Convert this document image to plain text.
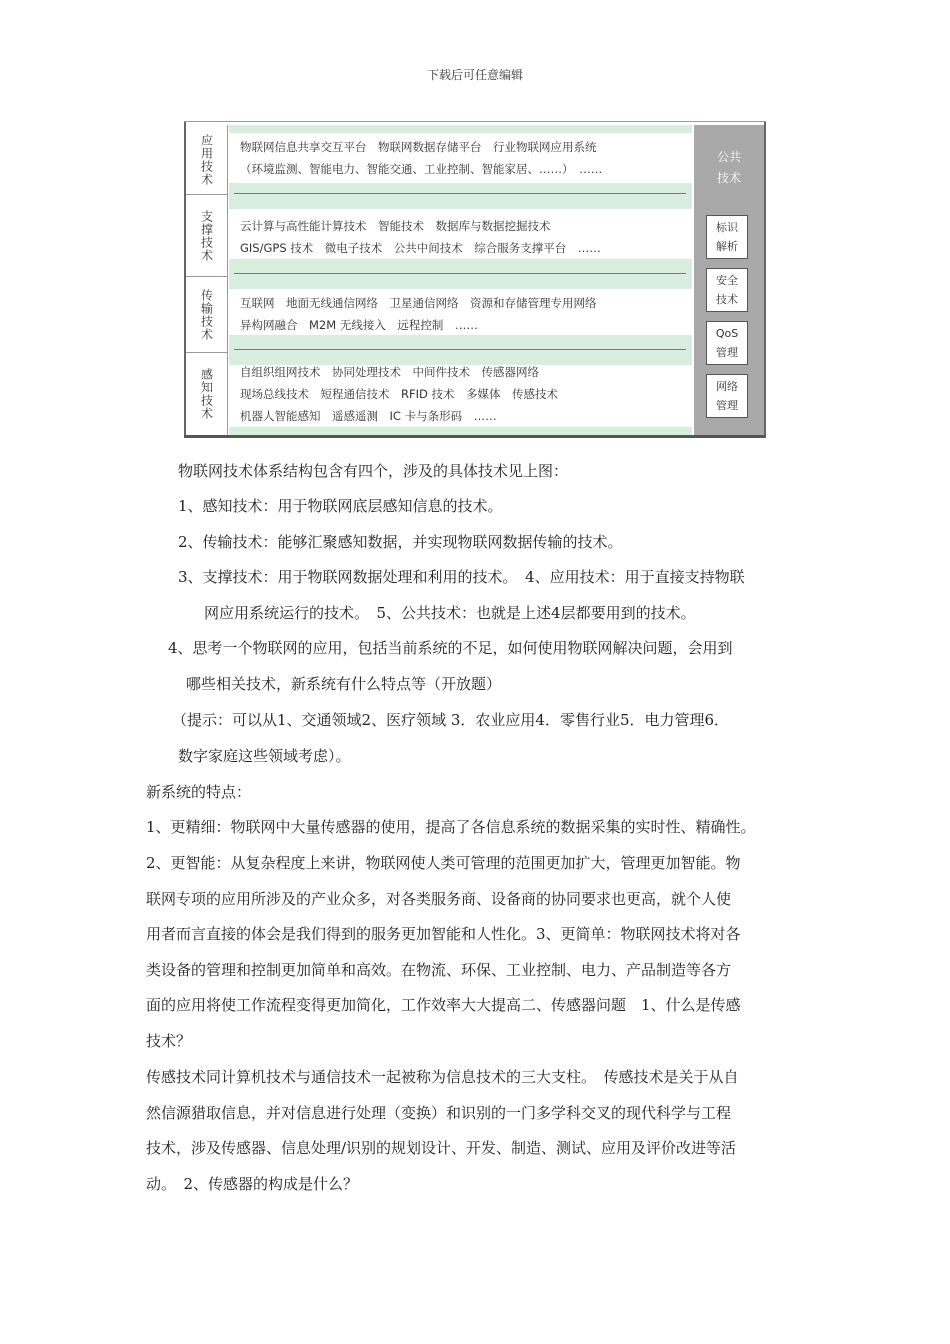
下载后可任意编辑
应用技术
支撑技术
传输技术
感知技术
物联网信息共享交互平台　物联网数据存储平台　行业物联网应用系统
（环境监测、智能电力、智能交通、工业控制、智能家居、……）　……
云计算与高性能计算技术　智能技术　数据库与数据挖掘技术
GIS/GPS 技术　微电子技术　公共中间技术　综合服务支撑平台　……
互联网　地面无线通信网络　卫星通信网络　资源和存储管理专用网络
异构网融合　M2M 无线接入　远程控制　……
自组织组网技术　协同处理技术　中间件技术　传感器网络
现场总线技术　短程通信技术　RFID 技术　多媒体　传感技术
机器人智能感知　遥感遥测　IC 卡与条形码　……
公共
技术
标识
解析
安全
技术
QoS
管理
网络
管理
物联网技术体系结构包含有四个，涉及的具体技术见上图：
1、感知技术：用于物联网底层感知信息的技术。
2、传输技术：能够汇聚感知数据，并实现物联网数据传输的技术。
3、支撑技术：用于物联网数据处理和利用的技术。　4、应用技术：用于直接支持物联
网应用系统运行的技术。　5、公共技术：也就是上述4层都要用到的技术。
4、思考一个物联网的应用，包括当前系统的不足，如何使用物联网解决问题，会用到
哪些相关技术，新系统有什么特点等（开放题）
（提示：可以从1、交通领域2、医疗领域 3．农业应用4．零售行业5．电力管理6．
数字家庭这些领域考虑）。
新系统的特点：
1、更精细：物联网中大量传感器的使用，提高了各信息系统的数据采集的实时性、精确性。
2、更智能：从复杂程度上来讲，物联网使人类可管理的范围更加扩大，管理更加智能。物
联网专项的应用所涉及的产业众多，对各类服务商、设备商的协同要求也更高，就个人使
用者而言直接的体会是我们得到的服务更加智能和人性化。3、更简单：物联网技术将对各
类设备的管理和控制更加简单和高效。在物流、环保、工业控制、电力、产品制造等各方
面的应用将使工作流程变得更加简化，工作效率大大提高二、传感器问题　1、什么是传感
技术？
传感技术同计算机技术与通信技术一起被称为信息技术的三大支柱。　传感技术是关于从自
然信源猎取信息，并对信息进行处理（变换）和识别的一门多学科交叉的现代科学与工程
技术，涉及传感器、信息处理/识别的规划设计、开发、制造、测试、应用及评价改进等活
动。　2、传感器的构成是什么？
